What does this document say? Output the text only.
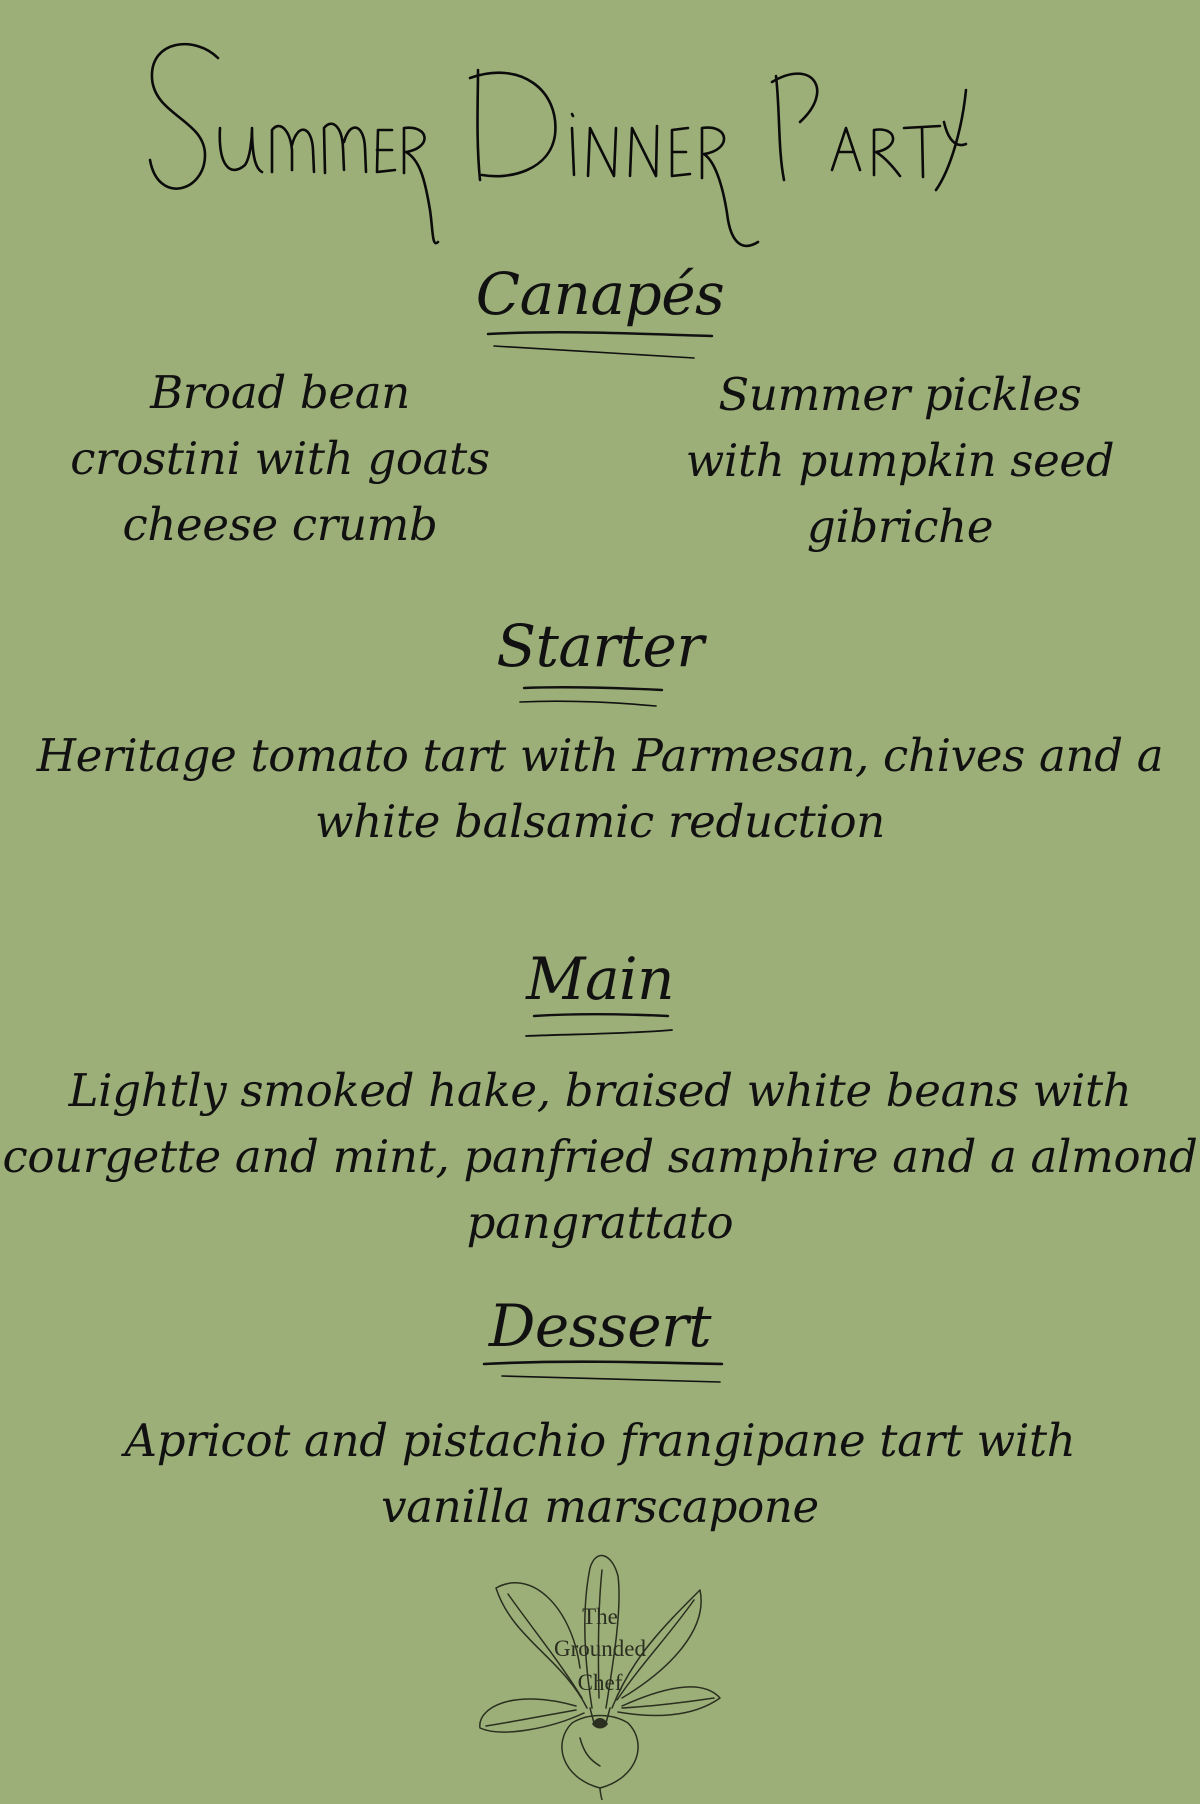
Canapés
Broad bean crostini with goats cheese crumb
Summer pickles with pumpkin seed gibriche
Starter
Heritage tomato tart with Parmesan, chives and a white balsamic reduction
Main
Lightly smoked hake, braised white beans with courgette and mint, panfried samphire and a almond pangrattato
Dessert
Apricot and pistachio frangipane tart with vanilla marscapone
The
Grounded
Chef
